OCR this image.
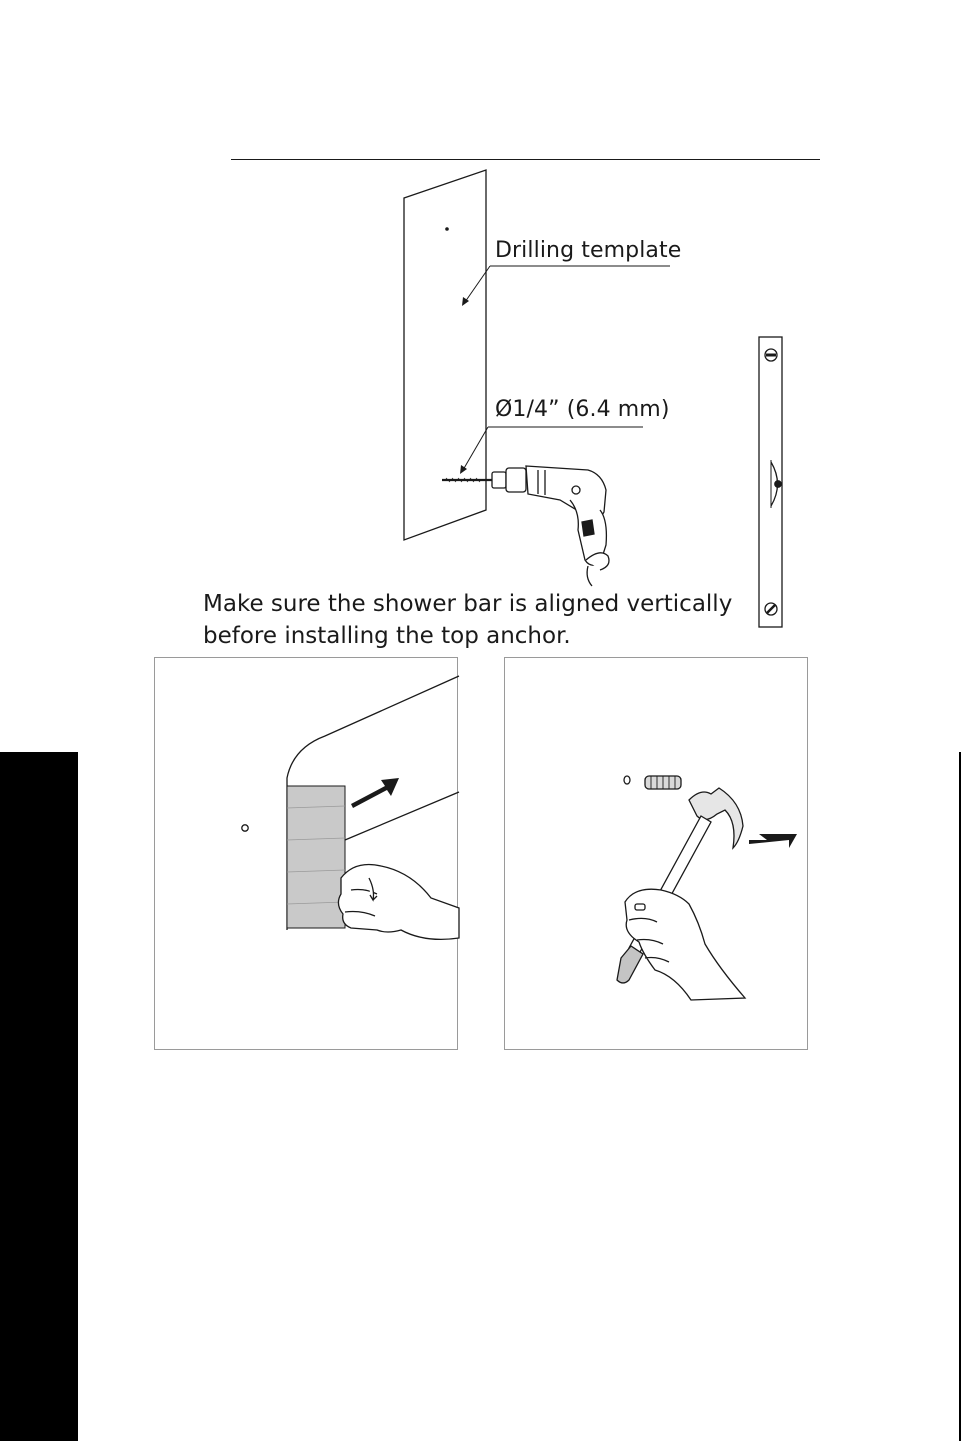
Drilling template
Ø1/4” (6.4 mm)
Make sure the shower bar is aligned vertically
before installing the top anchor.
